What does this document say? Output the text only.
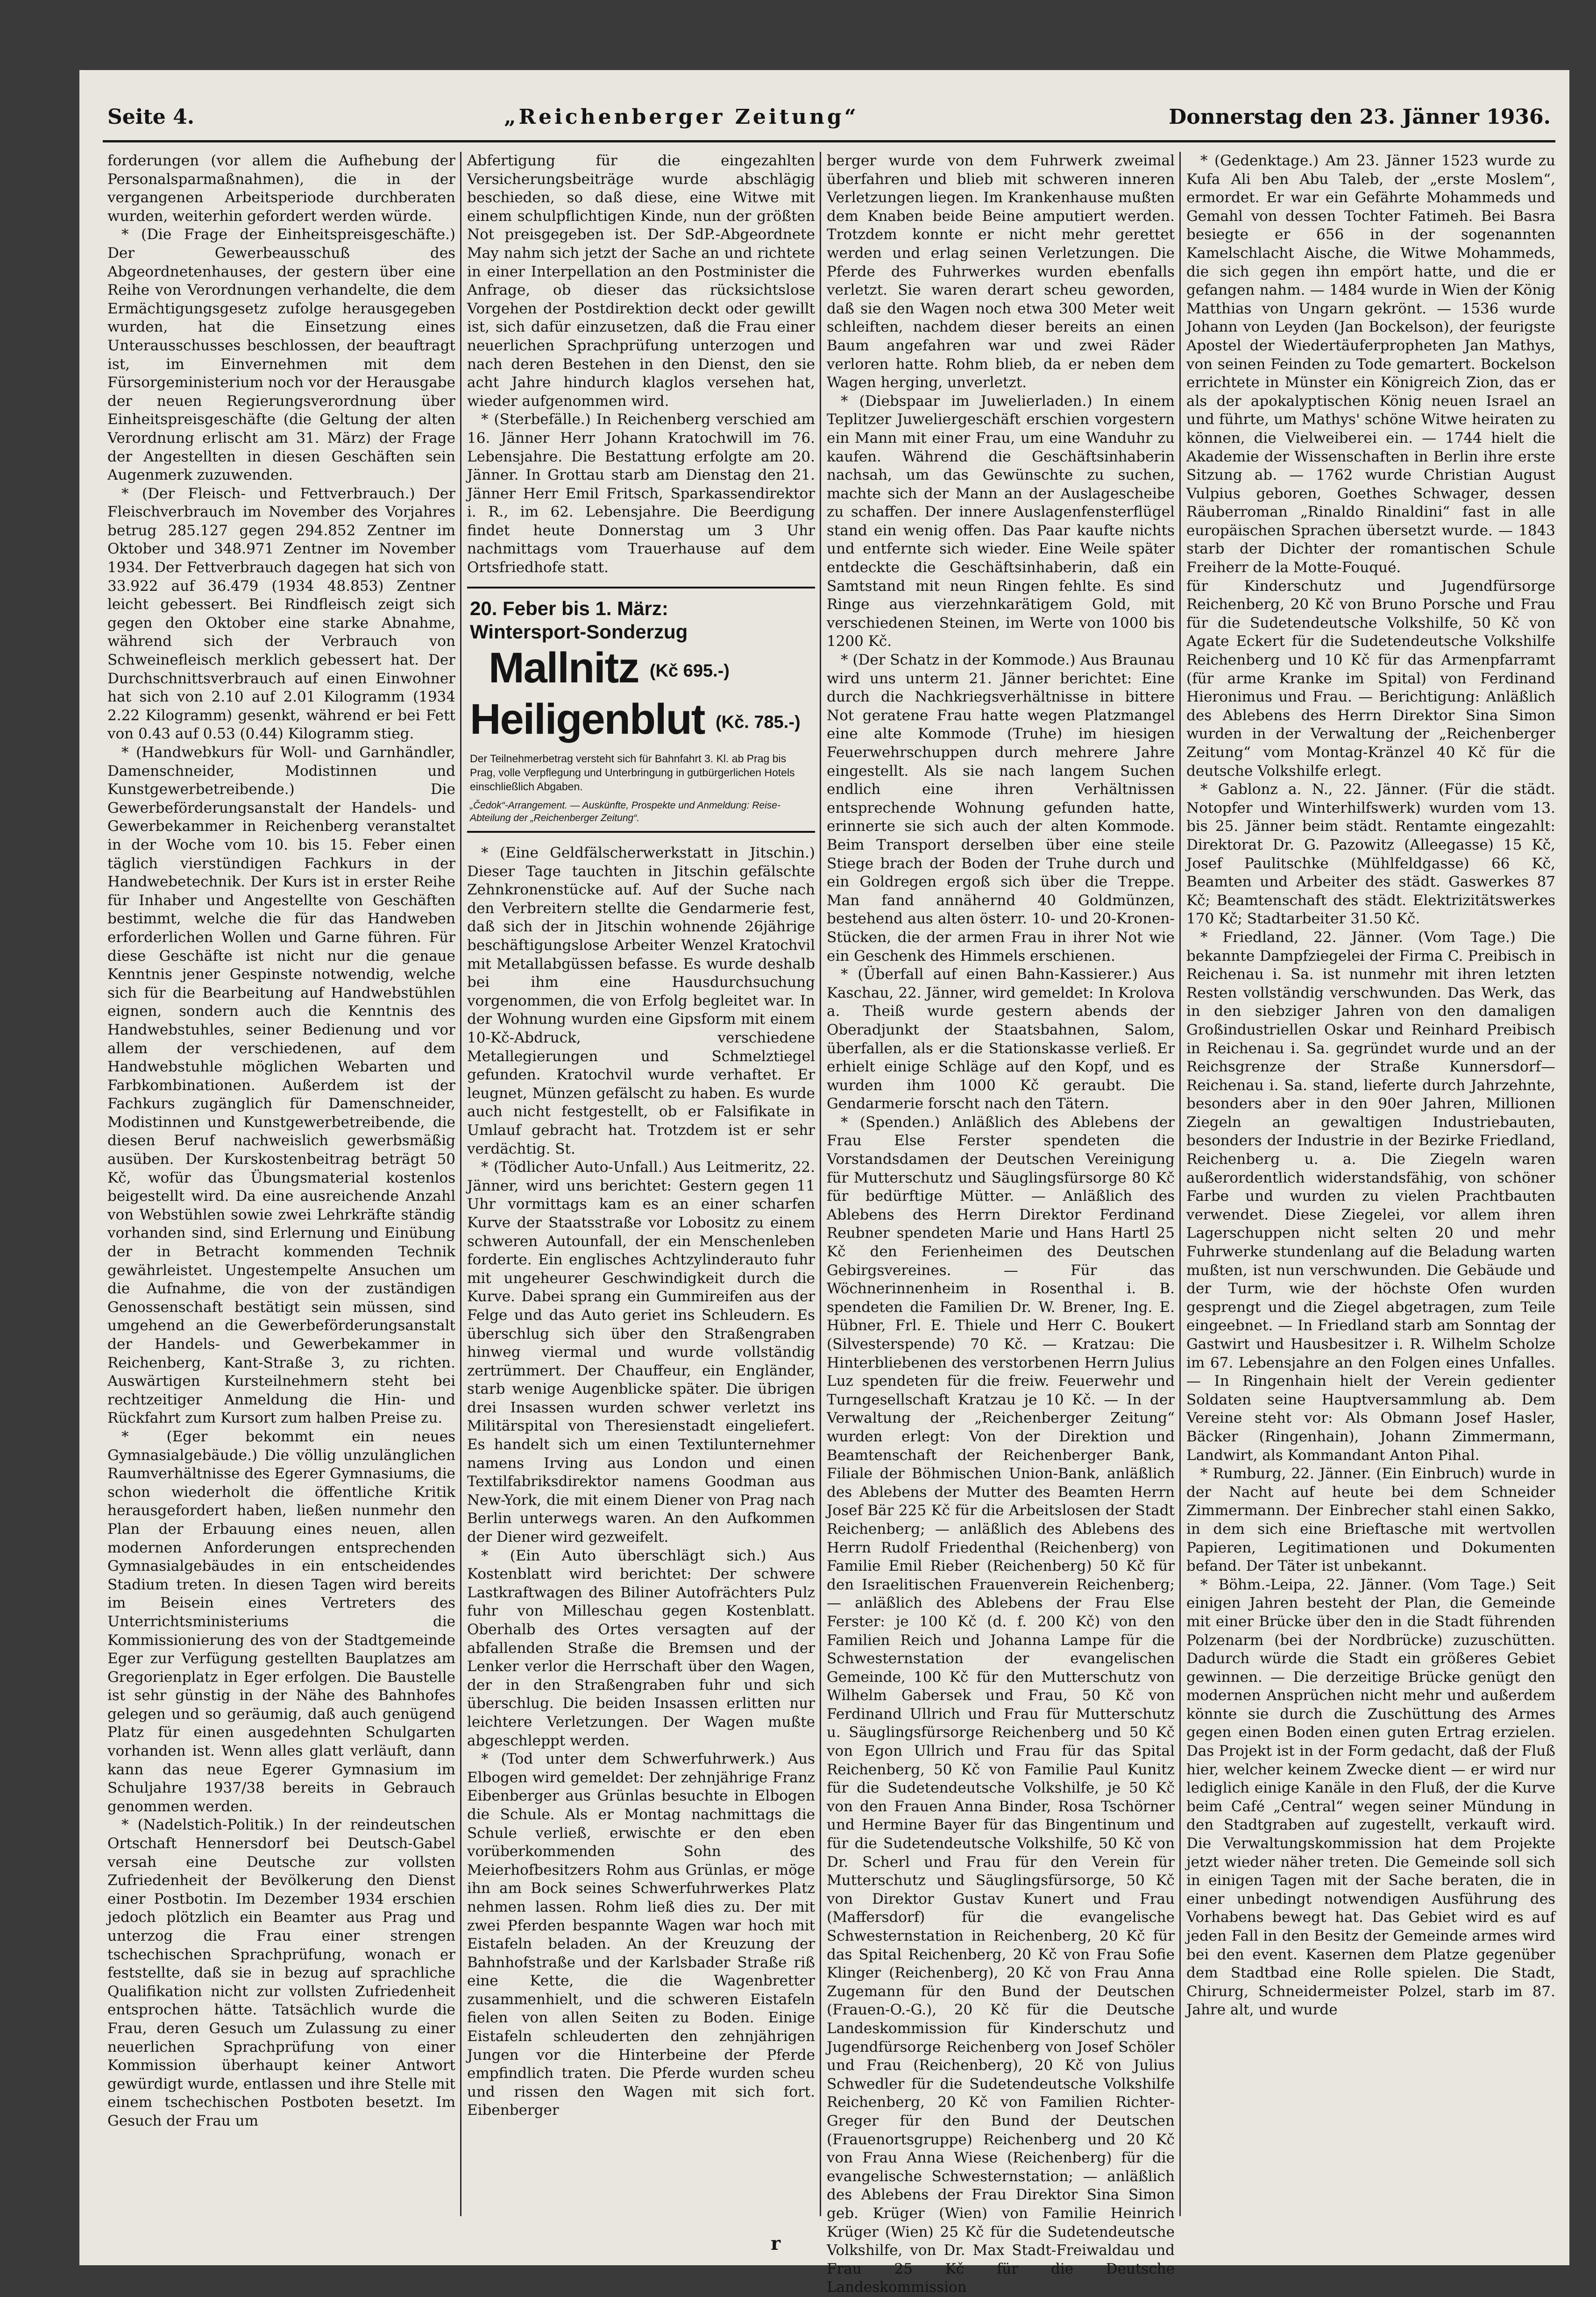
Seite 4.	„Reichenberger Zeitung“	Donnerstag den 23. Jänner 1936.

forderungen (vor allem die Aufhebung der Personalsparmaßnahmen), die in der vergangenen Arbeitsperiode durchberaten wurden, weiterhin gefordert werden würde.

* (Die Frage der Einheitspreisgeschäfte.) Der Gewerbeausschuß des Abgeordnetenhauses, der gestern über eine Reihe von Verordnungen verhandelte, die dem Ermächtigungsgesetz zufolge herausgegeben wurden, hat die Einsetzung eines Unterausschusses beschlossen, der beauftragt ist, im Einvernehmen mit dem Fürsorgeministerium noch vor der Herausgabe der neuen Regierungsverordnung über Einheitspreisgeschäfte (die Geltung der alten Verordnung erlischt am 31. März) der Frage der Angestellten in diesen Geschäften sein Augenmerk zuzuwenden.

* (Der Fleisch- und Fettverbrauch.) Der Fleischverbrauch im November des Vorjahres betrug 285.127 gegen 294.852 Zentner im Oktober und 348.971 Zentner im November 1934. Der Fettverbrauch dagegen hat sich von 33.922 auf 36.479 (1934 48.853) Zentner leicht gebessert. Bei Rindfleisch zeigt sich gegen den Oktober eine starke Abnahme, während sich der Verbrauch von Schweinefleisch merklich gebessert hat. Der Durchschnittsverbrauch auf einen Einwohner hat sich von 2.10 auf 2.01 Kilogramm (1934 2.22 Kilogramm) gesenkt, während er bei Fett von 0.43 auf 0.53 (0.44) Kilogramm stieg.

* (Handwebkurs für Woll- und Garnhändler, Damenschneider, Modistinnen und Kunstgewerbetreibende.) Die Gewerbeförderungsanstalt der Handels- und Gewerbekammer in Reichenberg veranstaltet in der Woche vom 10. bis 15. Feber einen täglich vierstündigen Fachkurs in der Handwebetechnik. Der Kurs ist in erster Reihe für Inhaber und Angestellte von Geschäften bestimmt, welche die für das Handweben erforderlichen Wollen und Garne führen. Für diese Geschäfte ist nicht nur die genaue Kenntnis jener Gespinste notwendig, welche sich für die Bearbeitung auf Handwebstühlen eignen, sondern auch die Kenntnis des Handwebstuhles, seiner Bedienung und vor allem der verschiedenen, auf dem Handwebstuhle möglichen Webarten und Farbkombinationen. Außerdem ist der Fachkurs zugänglich für Damenschneider, Modistinnen und Kunstgewerbetreibende, die diesen Beruf nachweislich gewerbsmäßig ausüben. Der Kurskostenbeitrag beträgt 50 Kč, wofür das Übungsmaterial kostenlos beigestellt wird. Da eine ausreichende Anzahl von Webstühlen sowie zwei Lehrkräfte ständig vorhanden sind, sind Erlernung und Einübung der in Betracht kommenden Technik gewährleistet. Ungestempelte Ansuchen um die Aufnahme, die von der zuständigen Genossenschaft bestätigt sein müssen, sind umgehend an die Gewerbeförderungsanstalt der Handels- und Gewerbekammer in Reichenberg, Kant-Straße 3, zu richten. Auswärtigen Kursteilnehmern steht bei rechtzeitiger Anmeldung die Hin- und Rückfahrt zum Kursort zum halben Preise zu.

* (Eger bekommt ein neues Gymnasialgebäude.) Die völlig unzulänglichen Raumverhältnisse des Egerer Gymnasiums, die schon wiederholt die öffentliche Kritik herausgefordert haben, ließen nunmehr den Plan der Erbauung eines neuen, allen modernen Anforderungen entsprechenden Gymnasialgebäudes in ein entscheidendes Stadium treten. In diesen Tagen wird bereits im Beisein eines Vertreters des Unterrichtsministeriums die Kommissionierung des von der Stadtgemeinde Eger zur Verfügung gestellten Bauplatzes am Gregorienplatz in Eger erfolgen. Die Baustelle ist sehr günstig in der Nähe des Bahnhofes gelegen und so geräumig, daß auch genügend Platz für einen ausgedehnten Schulgarten vorhanden ist. Wenn alles glatt verläuft, dann kann das neue Egerer Gymnasium im Schuljahre 1937/38 bereits in Gebrauch genommen werden.

* (Nadelstich-Politik.) In der reindeutschen Ortschaft Hennersdorf bei Deutsch-Gabel versah eine Deutsche zur vollsten Zufriedenheit der Bevölkerung den Dienst einer Postbotin. Im Dezember 1934 erschien jedoch plötzlich ein Beamter aus Prag und unterzog die Frau einer strengen tschechischen Sprachprüfung, wonach er feststellte, daß sie in bezug auf sprachliche Qualifikation nicht zur vollsten Zufriedenheit entsprochen hätte. Tatsächlich wurde die Frau, deren Gesuch um Zulassung zu einer neuerlichen Sprachprüfung von einer Kommission überhaupt keiner Antwort gewürdigt wurde, entlassen und ihre Stelle mit einem tschechischen Postboten besetzt. Im Gesuch der Frau um

Abfertigung für die eingezahlten Versicherungsbeiträge wurde abschlägig beschieden, so daß diese, eine Witwe mit einem schulpflichtigen Kinde, nun der größten Not preisgegeben ist. Der SdP.-Abgeordnete May nahm sich jetzt der Sache an und richtete in einer Interpellation an den Postminister die Anfrage, ob dieser das rücksichtslose Vorgehen der Postdirektion deckt oder gewillt ist, sich dafür einzusetzen, daß die Frau einer neuerlichen Sprachprüfung unterzogen und nach deren Bestehen in den Dienst, den sie acht Jahre hindurch klaglos versehen hat, wieder aufgenommen wird.

* (Sterbefälle.) In Reichenberg verschied am 16. Jänner Herr Johann Kratochwill im 76. Lebensjahre. Die Bestattung erfolgte am 20. Jänner. In Grottau starb am Dienstag den 21. Jänner Herr Emil Fritsch, Sparkassendirektor i. R., im 62. Lebensjahre. Die Beerdigung findet heute Donnerstag um 3 Uhr nachmittags vom Trauerhause auf dem Ortsfriedhofe statt.

20. Feber bis 1. März:
Wintersport-Sonderzug
Mallnitz (Kč 695.-)
Heiligenblut (Kč. 785.-)
Der Teilnehmerbetrag versteht sich für Bahnfahrt 3. Kl. ab Prag bis Prag, volle Verpflegung und Unterbringung in gutbürgerlichen Hotels einschließlich Abgaben.
„Čedok“-Arrangement. — Auskünfte, Prospekte und Anmeldung: Reise-Abteilung der „Reichenberger Zeitung“.

* (Eine Geldfälscherwerkstatt in Jitschin.) Dieser Tage tauchten in Jitschin gefälschte Zehnkronenstücke auf. Auf der Suche nach den Verbreitern stellte die Gendarmerie fest, daß sich der in Jitschin wohnende 26jährige beschäftigungslose Arbeiter Wenzel Kratochvil mit Metallabgüssen befasse. Es wurde deshalb bei ihm eine Hausdurchsuchung vorgenommen, die von Erfolg begleitet war. In der Wohnung wurden eine Gipsform mit einem 10-Kč-Abdruck, verschiedene Metallegierungen und Schmelztiegel gefunden. Kratochvil wurde verhaftet. Er leugnet, Münzen gefälscht zu haben. Es wurde auch nicht festgestellt, ob er Falsifikate in Umlauf gebracht hat. Trotzdem ist er sehr verdächtig. St.

* (Tödlicher Auto-Unfall.) Aus Leitmeritz, 22. Jänner, wird uns berichtet: Gestern gegen 11 Uhr vormittags kam es an einer scharfen Kurve der Staatsstraße vor Lobositz zu einem schweren Autounfall, der ein Menschenleben forderte. Ein englisches Achtzylinderauto fuhr mit ungeheurer Geschwindigkeit durch die Kurve. Dabei sprang ein Gummireifen aus der Felge und das Auto geriet ins Schleudern. Es überschlug sich über den Straßengraben hinweg viermal und wurde vollständig zertrümmert. Der Chauffeur, ein Engländer, starb wenige Augenblicke später. Die übrigen drei Insassen wurden schwer verletzt ins Militärspital von Theresienstadt eingeliefert. Es handelt sich um einen Textilunternehmer namens Irving aus London und einen Textilfabriksdirektor namens Goodman aus New-York, die mit einem Diener von Prag nach Berlin unterwegs waren. An den Aufkommen der Diener wird gezweifelt.

* (Ein Auto überschlägt sich.) Aus Kostenblatt wird berichtet: Der schwere Lastkraftwagen des Biliner Autofrächters Pulz fuhr von Milleschau gegen Kostenblatt. Oberhalb des Ortes versagten auf der abfallenden Straße die Bremsen und der Lenker verlor die Herrschaft über den Wagen, der in den Straßengraben fuhr und sich überschlug. Die beiden Insassen erlitten nur leichtere Verletzungen. Der Wagen mußte abgeschleppt werden.

* (Tod unter dem Schwerfuhrwerk.) Aus Elbogen wird gemeldet: Der zehnjährige Franz Eibenberger aus Grünlas besuchte in Elbogen die Schule. Als er Montag nachmittags die Schule verließ, erwischte er den eben vorüberkommenden Sohn des Meierhofbesitzers Rohm aus Grünlas, er möge ihn am Bock seines Schwerfuhrwerkes Platz nehmen lassen. Rohm ließ dies zu. Der mit zwei Pferden bespannte Wagen war hoch mit Eistafeln beladen. An der Kreuzung der Bahnhofstraße und der Karlsbader Straße riß eine Kette, die die Wagenbretter zusammenhielt, und die schweren Eistafeln fielen von allen Seiten zu Boden. Einige Eistafeln schleuderten den zehnjährigen Jungen vor die Hinterbeine der Pferde empfindlich traten. Die Pferde wurden scheu und rissen den Wagen mit sich fort. Eibenberger

berger wurde von dem Fuhrwerk zweimal überfahren und blieb mit schweren inneren Verletzungen liegen. Im Krankenhause mußten dem Knaben beide Beine amputiert werden. Trotzdem konnte er nicht mehr gerettet werden und erlag seinen Verletzungen. Die Pferde des Fuhrwerkes wurden ebenfalls verletzt. Sie waren derart scheu geworden, daß sie den Wagen noch etwa 300 Meter weit schleiften, nachdem dieser bereits an einen Baum angefahren war und zwei Räder verloren hatte. Rohm blieb, da er neben dem Wagen herging, unverletzt.

* (Diebspaar im Juwelierladen.) In einem Teplitzer Juweliergeschäft erschien vorgestern ein Mann mit einer Frau, um eine Wanduhr zu kaufen. Während die Geschäftsinhaberin nachsah, um das Gewünschte zu suchen, machte sich der Mann an der Auslagescheibe zu schaffen. Der innere Auslagenfensterflügel stand ein wenig offen. Das Paar kaufte nichts und entfernte sich wieder. Eine Weile später entdeckte die Geschäftsinhaberin, daß ein Samtstand mit neun Ringen fehlte. Es sind Ringe aus vierzehnkarätigem Gold, mit verschiedenen Steinen, im Werte von 1000 bis 1200 Kč.

* (Der Schatz in der Kommode.) Aus Braunau wird uns unterm 21. Jänner berichtet: Eine durch die Nachkriegsverhältnisse in bittere Not geratene Frau hatte wegen Platzmangel eine alte Kommode (Truhe) im hiesigen Feuerwehrschuppen durch mehrere Jahre eingestellt. Als sie nach langem Suchen endlich eine ihren Verhältnissen entsprechende Wohnung gefunden hatte, erinnerte sie sich auch der alten Kommode. Beim Transport derselben über eine steile Stiege brach der Boden der Truhe durch und ein Goldregen ergoß sich über die Treppe. Man fand annähernd 40 Goldmünzen, bestehend aus alten österr. 10- und 20-Kronen-Stücken, die der armen Frau in ihrer Not wie ein Geschenk des Himmels erschienen.

* (Überfall auf einen Bahn-Kassierer.) Aus Kaschau, 22. Jänner, wird gemeldet: In Krolova a. Theiß wurde gestern abends der Oberadjunkt der Staatsbahnen, Salom, überfallen, als er die Stationskasse verließ. Er erhielt einige Schläge auf den Kopf, und es wurden ihm 1000 Kč geraubt. Die Gendarmerie forscht nach den Tätern.

* (Spenden.) Anläßlich des Ablebens der Frau Else Ferster spendeten die Vorstandsdamen der Deutschen Vereinigung für Mutterschutz und Säuglingsfürsorge 80 Kč für bedürftige Mütter. — Anläßlich des Ablebens des Herrn Direktor Ferdinand Reubner spendeten Marie und Hans Hartl 25 Kč den Ferienheimen des Deutschen Gebirgsvereines. — Für das Wöchnerinnenheim in Rosenthal i. B. spendeten die Familien Dr. W. Brener, Ing. E. Hübner, Frl. E. Thiele und Herr C. Boukert (Silvesterspende) 70 Kč. — Kratzau: Die Hinterbliebenen des verstorbenen Herrn Julius Luz spendeten für die freiw. Feuerwehr und Turngesellschaft Kratzau je 10 Kč. — In der Verwaltung der „Reichenberger Zeitung“ wurden erlegt: Von der Direktion und Beamtenschaft der Reichenberger Bank, Filiale der Böhmischen Union-Bank, anläßlich des Ablebens der Mutter des Beamten Herrn Josef Bär 225 Kč für die Arbeitslosen der Stadt Reichenberg; — anläßlich des Ablebens des Herrn Rudolf Friedenthal (Reichenberg) von Familie Emil Rieber (Reichenberg) 50 Kč für den Israelitischen Frauenverein Reichenberg; — anläßlich des Ablebens der Frau Else Ferster: je 100 Kč (d. f. 200 Kč) von den Familien Reich und Johanna Lampe für die Schwesternstation der evangelischen Gemeinde, 100 Kč für den Mutterschutz von Wilhelm Gabersek und Frau, 50 Kč von Ferdinand Ullrich und Frau für Mutterschutz u. Säuglingsfürsorge Reichenberg und 50 Kč von Egon Ullrich und Frau für das Spital Reichenberg, 50 Kč von Familie Paul Kunitz für die Sudetendeutsche Volkshilfe, je 50 Kč von den Frauen Anna Binder, Rosa Tschörner und Hermine Bayer für das Bingentinum und für die Sudetendeutsche Volkshilfe, 50 Kč von Dr. Scherl und Frau für den Verein für Mutterschutz und Säuglingsfürsorge, 50 Kč von Direktor Gustav Kunert und Frau (Maffersdorf) für die evangelische Schwesternstation in Reichenberg, 20 Kč für das Spital Reichenberg, 20 Kč von Frau Sofie Klinger (Reichenberg), 20 Kč von Frau Anna Zugemann für den Bund der Deutschen (Frauen-O.-G.), 20 Kč für die Deutsche Landeskommission für Kinderschutz und Jugendfürsorge Reichenberg von Josef Schöler und Frau (Reichenberg), 20 Kč von Julius Schwedler für die Sudetendeutsche Volkshilfe Reichenberg, 20 Kč von Familien Richter-Greger für den Bund der Deutschen (Frauenortsgruppe) Reichenberg und 20 Kč von Frau Anna Wiese (Reichenberg) für die evangelische Schwesternstation; — anläßlich des Ablebens der Frau Direktor Sina Simon geb. Krüger (Wien) von Familie Heinrich Krüger (Wien) 25 Kč für die Sudetendeutsche Volkshilfe, von Dr. Max Stadt-Freiwaldau und Frau 25 Kč für die Deutsche Landeskommission

* (Gedenktage.) Am 23. Jänner 1523 wurde zu Kufa Ali ben Abu Taleb, der „erste Moslem“, ermordet. Er war ein Gefährte Mohammeds und Gemahl von dessen Tochter Fatimeh. Bei Basra besiegte er 656 in der sogenannten Kamelschlacht Aische, die Witwe Mohammeds, die sich gegen ihn empört hatte, und die er gefangen nahm. — 1484 wurde in Wien der König Matthias von Ungarn gekrönt. — 1536 wurde Johann von Leyden (Jan Bockelson), der feurigste Apostel der Wiedertäuferpropheten Jan Mathys, von seinen Feinden zu Tode gemartert. Bockelson errichtete in Münster ein Königreich Zion, das er als der apokalyptischen König neuen Israel an und führte, um Mathys' schöne Witwe heiraten zu können, die Vielweiberei ein. — 1744 hielt die Akademie der Wissenschaften in Berlin ihre erste Sitzung ab. — 1762 wurde Christian August Vulpius geboren, Goethes Schwager, dessen Räuberroman „Rinaldo Rinaldini“ fast in alle europäischen Sprachen übersetzt wurde. — 1843 starb der Dichter der romantischen Schule Freiherr de la Motte-Fouqué.

für Kinderschutz und Jugendfürsorge Reichenberg, 20 Kč von Bruno Porsche und Frau für die Sudetendeutsche Volkshilfe, 50 Kč von Agate Eckert für die Sudetendeutsche Volkshilfe Reichenberg und 10 Kč für das Armenpfarramt (für arme Kranke im Spital) von Ferdinand Hieronimus und Frau. — Berichtigung: Anläßlich des Ablebens des Herrn Direktor Sina Simon wurden in der Verwaltung der „Reichenberger Zeitung“ vom Montag-Kränzel 40 Kč für die deutsche Volkshilfe erlegt.

* Gablonz a. N., 22. Jänner. (Für die städt. Notopfer und Winterhilfswerk) wurden vom 13. bis 25. Jänner beim städt. Rentamte eingezahlt: Direktorat Dr. G. Pazowitz (Alleegasse) 15 Kč, Josef Paulitschke (Mühlfeldgasse) 66 Kč, Beamten und Arbeiter des städt. Gaswerkes 87 Kč; Beamtenschaft des städt. Elektrizitätswerkes 170 Kč; Stadtarbeiter 31.50 Kč.

* Friedland, 22. Jänner. (Vom Tage.) Die bekannte Dampfziegelei der Firma C. Preibisch in Reichenau i. Sa. ist nunmehr mit ihren letzten Resten vollständig verschwunden. Das Werk, das in den siebziger Jahren von den damaligen Großindustriellen Oskar und Reinhard Preibisch in Reichenau i. Sa. gegründet wurde und an der Reichsgrenze der Straße Kunnersdorf—Reichenau i. Sa. stand, lieferte durch Jahrzehnte, besonders aber in den 90er Jahren, Millionen Ziegeln an gewaltigen Industriebauten, besonders der Industrie in der Bezirke Friedland, Reichenberg u. a. Die Ziegeln waren außerordentlich widerstandsfähig, von schöner Farbe und wurden zu vielen Prachtbauten verwendet. Diese Ziegelei, vor allem ihren Lagerschuppen nicht selten 20 und mehr Fuhrwerke stundenlang auf die Beladung warten mußten, ist nun verschwunden. Die Gebäude und der Turm, wie der höchste Ofen wurden gesprengt und die Ziegel abgetragen, zum Teile eingeebnet. — In Friedland starb am Sonntag der Gastwirt und Hausbesitzer i. R. Wilhelm Scholze im 67. Lebensjahre an den Folgen eines Unfalles. — In Ringenhain hielt der Verein gedienter Soldaten seine Hauptversammlung ab. Dem Vereine steht vor: Als Obmann Josef Hasler, Bäcker (Ringenhain), Johann Zimmermann, Landwirt, als Kommandant Anton Pihal.

* Rumburg, 22. Jänner. (Ein Einbruch) wurde in der Nacht auf heute bei dem Schneider Zimmermann. Der Einbrecher stahl einen Sakko, in dem sich eine Brieftasche mit wertvollen Papieren, Legitimationen und Dokumenten befand. Der Täter ist unbekannt.

* Böhm.-Leipa, 22. Jänner. (Vom Tage.) Seit einigen Jahren besteht der Plan, die Gemeinde mit einer Brücke über den in die Stadt führenden Polzenarm (bei der Nordbrücke) zuzuschütten. Dadurch würde die Stadt ein größeres Gebiet gewinnen. — Die derzeitige Brücke genügt den modernen Ansprüchen nicht mehr und außerdem könnte sie durch die Zuschüttung des Armes gegen einen Boden einen guten Ertrag erzielen. Das Projekt ist in der Form gedacht, daß der Fluß hier, welcher keinem Zwecke dient — er wird nur lediglich einige Kanäle in den Fluß, der die Kurve beim Café „Central“ wegen seiner Mündung in den Stadtgraben auf zugestellt, verkauft wird. Die Verwaltungskommission hat dem Projekte jetzt wieder näher treten. Die Gemeinde soll sich in einigen Tagen mit der Sache beraten, die in einer unbedingt notwendigen Ausführung des Vorhabens bewegt hat. Das Gebiet wird es auf jeden Fall in den Besitz der Gemeinde armes wird bei den event. Kasernen dem Platze gegenüber dem Stadtbad eine Rolle spielen. Die Stadt, Chirurg, Schneidermeister Polzel, starb im 87. Jahre alt, und wurde

r
